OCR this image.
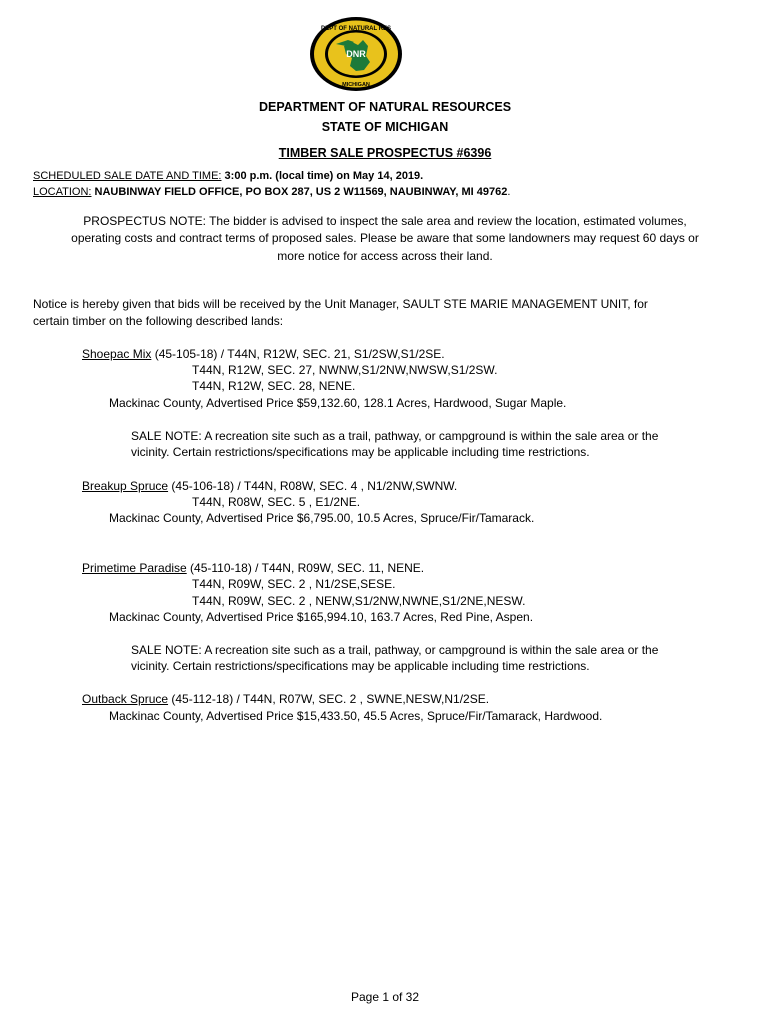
DEPT OF NATURAL RES
DNR
MICHIGAN
DEPARTMENT OF NATURAL RESOURCES
STATE OF MICHIGAN
TIMBER SALE PROSPECTUS #6396
SCHEDULED SALE DATE AND TIME: 3:00 p.m. (local time) on May 14, 2019.
LOCATION: NAUBINWAY FIELD OFFICE, PO BOX 287, US 2 W11569, NAUBINWAY, MI 49762.
PROSPECTUS NOTE: The bidder is advised to inspect the sale area and review the location, estimated volumes, operating costs and contract terms of proposed sales. Please be aware that some landowners may request 60 days or more notice for access across their land.
Notice is hereby given that bids will be received by the Unit Manager, SAULT STE MARIE MANAGEMENT UNIT, for
certain timber on the following described lands:
Shoepac Mix (45-105-18) / T44N, R12W, SEC. 21, S1/2SW,S1/2SE.
T44N, R12W, SEC. 27, NWNW,S1/2NW,NWSW,S1/2SW.
T44N, R12W, SEC. 28, NENE.
Mackinac County, Advertised Price $59,132.60, 128.1 Acres, Hardwood, Sugar Maple.
SALE NOTE: A recreation site such as a trail, pathway, or campground is within the sale area or the
vicinity. Certain restrictions/specifications may be applicable including time restrictions.
Breakup Spruce (45-106-18) / T44N, R08W, SEC. 4 , N1/2NW,SWNW.
T44N, R08W, SEC. 5 , E1/2NE.
Mackinac County, Advertised Price $6,795.00, 10.5 Acres, Spruce/Fir/Tamarack.
Primetime Paradise (45-110-18) / T44N, R09W, SEC. 11, NENE.
T44N, R09W, SEC. 2 , N1/2SE,SESE.
T44N, R09W, SEC. 2 , NENW,S1/2NW,NWNE,S1/2NE,NESW.
Mackinac County, Advertised Price $165,994.10, 163.7 Acres, Red Pine, Aspen.
SALE NOTE: A recreation site such as a trail, pathway, or campground is within the sale area or the
vicinity. Certain restrictions/specifications may be applicable including time restrictions.
Outback Spruce (45-112-18) / T44N, R07W, SEC. 2 , SWNE,NESW,N1/2SE.
Mackinac County, Advertised Price $15,433.50, 45.5 Acres, Spruce/Fir/Tamarack, Hardwood.
Page 1 of 32
